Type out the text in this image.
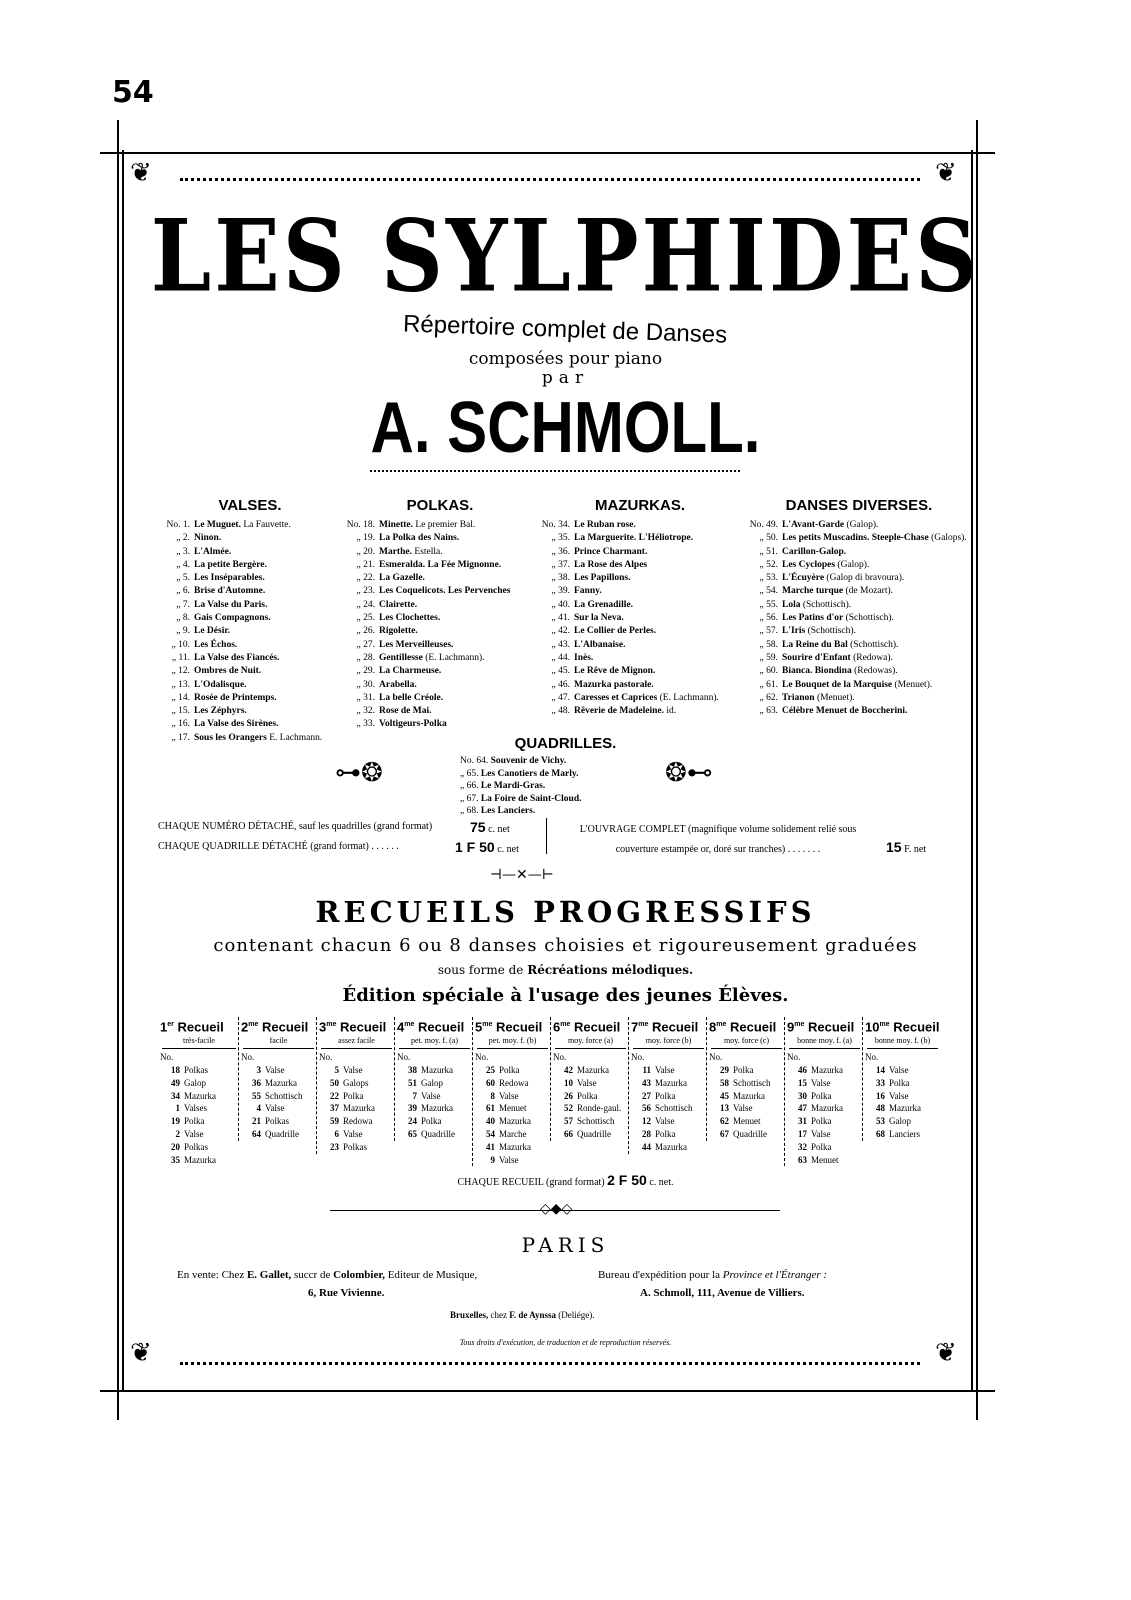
54
❦	❦
❦	❦
LES SYLPHIDES
Répertoire complet de Danses
composées pour piano
par
A. SCHMOLL.
VALSES.
No. 1. Le Muguet. La Fauvette.
„ 2. Ninon.
„ 3. L'Almée.
„ 4. La petite Bergère.
„ 5. Les Inséparables.
„ 6. Brise d'Automne.
„ 7. La Valse du Paris.
„ 8. Gais Compagnons.
„ 9. Le Désir.
„ 10. Les Échos.
„ 11. La Valse des Fiancés.
„ 12. Ombres de Nuit.
„ 13. L'Odalisque.
„ 14. Rosée de Printemps.
„ 15. Les Zéphyrs.
„ 16. La Valse des Sirènes.
„ 17. Sous les Orangers E. Lachmann.
POLKAS.
No. 18. Minette. Le premier Bal.
„ 19. La Polka des Nains.
„ 20. Marthe. Estella.
„ 21. Esmeralda. La Fée Mignonne.
„ 22. La Gazelle.
„ 23. Les Coquelicots. Les Pervenches
„ 24. Clairette.
„ 25. Les Clochettes.
„ 26. Rigolette.
„ 27. Les Merveilleuses.
„ 28. Gentillesse (E. Lachmann).
„ 29. La Charmeuse.
„ 30. Arabella.
„ 31. La belle Créole.
„ 32. Rose de Mai.
„ 33. Voltigeurs-Polka
MAZURKAS.
No. 34. Le Ruban rose.
„ 35. La Marguerite. L'Héliotrope.
„ 36. Prince Charmant.
„ 37. La Rose des Alpes
„ 38. Les Papillons.
„ 39. Fanny.
„ 40. La Grenadille.
„ 41. Sur la Neva.
„ 42. Le Collier de Perles.
„ 43. L'Albanaise.
„ 44. Inès.
„ 45. Le Rêve de Mignon.
„ 46. Mazurka pastorale.
„ 47. Caresses et Caprices (E. Lachmann).
„ 48. Rêverie de Madeleine. id.
DANSES DIVERSES.
No. 49. L'Avant-Garde (Galop).
„ 50. Les petits Muscadins. Steeple-Chase (Galops).
„ 51. Carillon-Galop.
„ 52. Les Cyclopes (Galop).
„ 53. L'Écuyère (Galop di bravoura).
„ 54. Marche turque (de Mozart).
„ 55. Lola (Schottisch).
„ 56. Les Patins d'or (Schottisch).
„ 57. L'Iris (Schottisch).
„ 58. La Reine du Bal (Schottisch).
„ 59. Sourire d'Enfant (Redowa).
„ 60. Bianca. Biondina (Redowas).
„ 61. Le Bouquet de la Marquise (Menuet).
„ 62. Trianon (Menuet).
„ 63. Célèbre Menuet de Boccherini.
QUADRILLES.
No. 64. Souvenir de Vichy.
„ 65. Les Canotiers de Marly.
„ 66. Le Mardi-Gras.
„ 67. La Foire de Saint-Cloud.
„ 68. Les Lanciers.
⊶❂	❂⊷
CHAQUE NUMÉRO DÉTACHÉ, sauf les quadrilles (grand format)	75 c. net
CHAQUE QUADRILLE DÉTACHÉ (grand format) . . . . . .	1 F 50 c. net
L'OUVRAGE COMPLET (magnifique volume solidement relié sous couverture estampée or, doré sur tranches) . . . . . . .	15 F. net
⊣—✕—⊢
RECUEILS PROGRESSIFS
contenant chacun 6 ou 8 danses choisies et rigoureusement graduées
sous forme de Récréations mélodiques.
Édition spéciale à l'usage des jeunes Élèves.
1er Recueil
très-facile
No.
18 Polkas
49 Galop
34 Mazurka
1 Valses
19 Polka
2 Valse
20 Polkas
35 Mazurka
$2^{me}$ Recueil
facile
No.
3 Valse
36 Mazurka
55 Schottisch
4 Valse
21 Polkas
64 Quadrille
$3^{me}$ Recueil
assez facile
No.
5 Valse
50 Galops
22 Polka
37 Mazurka
59 Redowa
6 Valse
23 Polkas
$4^{me}$ Recueil
pet. moy. f. (a)
No.
38 Mazurka
51 Galop
7 Valse
39 Mazurka
24 Polka
65 Quadrille
$5^{me}$ Recueil
pet. moy. f. (b)
No.
25 Polka
60 Redowa
8 Valse
61 Menuet
40 Mazurka
54 Marche
41 Mazurka
9 Valse
$6^{me}$ Recueil
moy. force (a)
No.
42 Mazurka
10 Valse
26 Polka
52 Ronde-gaul.
57 Schottisch
66 Quadrille
$7^{me}$ Recueil
moy. force (b)
No.
11 Valse
43 Mazurka
27 Polka
56 Schottisch
12 Valse
28 Polka
44 Mazurka
$8^{me}$ Recueil
moy. force (c)
No.
29 Polka
58 Schottisch
45 Mazurka
13 Valse
62 Menuet
67 Quadrille
$9^{me}$ Recueil
bonne moy. f. (a)
No.
46 Mazurka
15 Valse
30 Polka
47 Mazurka
31 Polka
17 Valse
32 Polka
63 Menuet
$10^{me}$ Recueil
bonne moy. f. (b)
No.
14 Valse
33 Polka
16 Valse
48 Mazurka
53 Galop
68 Lanciers
CHAQUE RECUEIL (grand format) 2 F 50 c. net.
◇◆◇
PARIS
En vente: Chez E. Gallet, succr de Colombier, Editeur de Musique,
6, Rue Vivienne.
Bureau d'expédition pour la Province et l'Étranger :
A. Schmoll, 111, Avenue de Villiers.
Bruxelles, chez F. de Aynssa (Deliége).
Tous droits d'exécution, de traduction et de reproduction réservés.
